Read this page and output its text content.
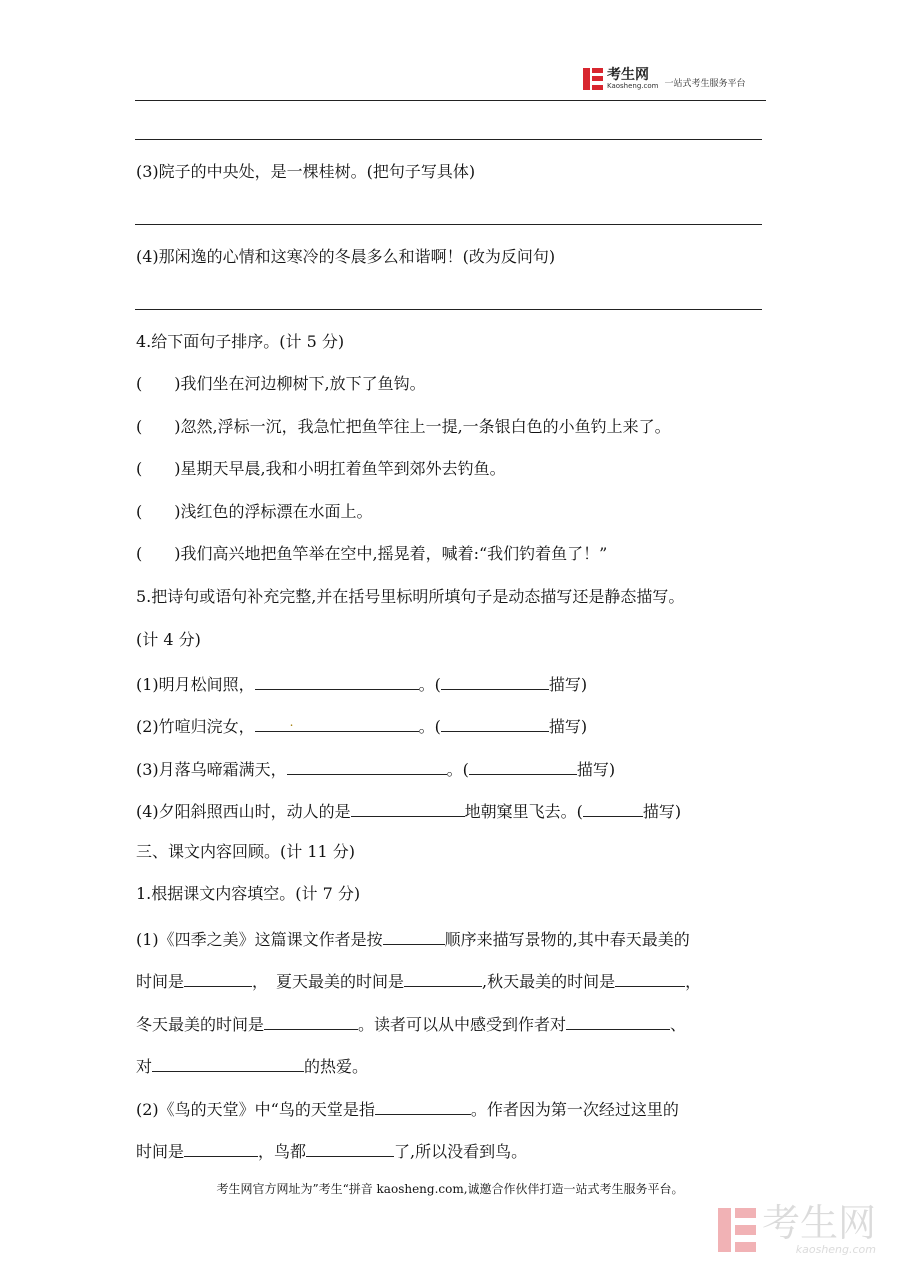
考生网
Kaosheng.com 一站式考生服务平台
(3)院子的中央处，是一棵桂树。(把句子写具体)
(4)那闲逸的心情和这寒冷的冬晨多么和谐啊！(改为反问句)
4.给下面句子排序。(计 5 分)
(　　)我们坐在河边柳树下,放下了鱼钩。
(　　)忽然,浮标一沉，我急忙把鱼竿往上一提,一条银白色的小鱼钓上来了。
(　　)星期天早晨,我和小明扛着鱼竿到郊外去钓鱼。
(　　)浅红色的浮标漂在水面上。
(　　)我们高兴地把鱼竿举在空中,摇晃着，喊着:“我们钓着鱼了！”
5.把诗句或语句补充完整,并在括号里标明所填句子是动态描写还是静态描写。
(计 4 分)
(1)明月松间照，	。(	描写)
(2)竹喧归浣女，	.	。(	描写)
(3)月落乌啼霜满天，	。(	描写)
(4)夕阳斜照西山时，动人的是	地朝窠里飞去。(	描写)
三、课文内容回顾。(计 11 分)
1.根据课文内容填空。(计 7 分)
(1)《四季之美》这篇课文作者是按	顺序来描写景物的,其中春天最美的
时间是	，　夏天最美的时间是	,秋天最美的时间是	，
冬天最美的时间是	。读者可以从中感受到作者对	、
对	的热爱。
(2)《鸟的天堂》中“鸟的天堂是指	。作者因为第一次经过这里的
时间是	，鸟都	了,所以没看到鸟。
考生网官方网址为”考生“拼音 kaosheng.com,诚邀合作伙伴打造一站式考生服务平台。
考生网
kaosheng.com
